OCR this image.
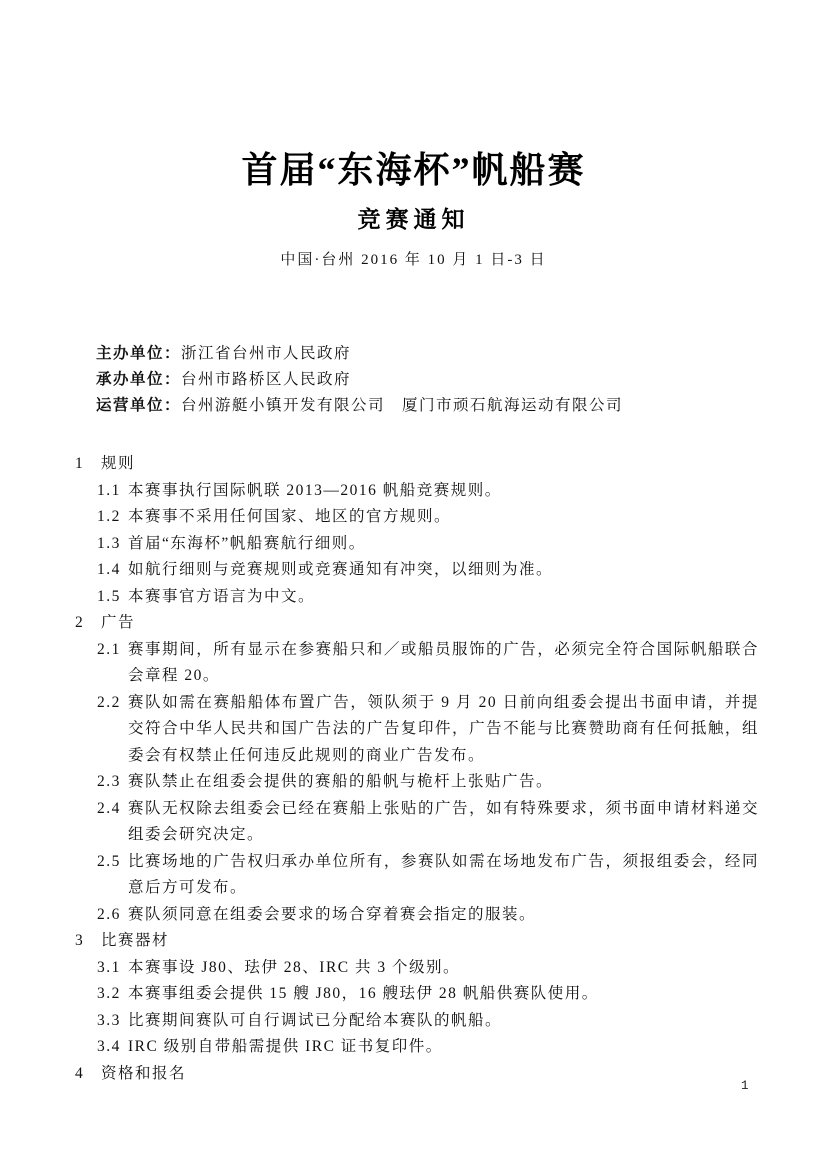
首届“东海杯”帆船赛
竞赛通知
中国·台州 2016 年 10 月 1 日-3 日
主办单位：浙江省台州市人民政府
承办单位：台州市路桥区人民政府
运营单位：台州游艇小镇开发有限公司　厦门市顽石航海运动有限公司
1	规则
1.1 本赛事执行国际帆联 2013—2016 帆船竞赛规则。
1.2 本赛事不采用任何国家、地区的官方规则。
1.3 首届“东海杯”帆船赛航行细则。
1.4 如航行细则与竞赛规则或竞赛通知有冲突，以细则为准。
1.5 本赛事官方语言为中文。
2	广告
2.1 赛事期间，所有显示在参赛船只和／或船员服饰的广告，必须完全符合国际帆船联合会章程 20。
2.2 赛队如需在赛船船体布置广告，领队须于 9 月 20 日前向组委会提出书面申请，并提交符合中华人民共和国广告法的广告复印件，广告不能与比赛赞助商有任何抵触，组委会有权禁止任何违反此规则的商业广告发布。
2.3 赛队禁止在组委会提供的赛船的船帆与桅杆上张贴广告。
2.4 赛队无权除去组委会已经在赛船上张贴的广告，如有特殊要求，须书面申请材料递交组委会研究决定。
2.5 比赛场地的广告权归承办单位所有，参赛队如需在场地发布广告，须报组委会，经同意后方可发布。
2.6 赛队须同意在组委会要求的场合穿着赛会指定的服装。
3	比赛器材
3.1 本赛事设 J80、珐伊 28、IRC 共 3 个级别。
3.2 本赛事组委会提供 15 艘 J80，16 艘珐伊 28 帆船供赛队使用。
3.3 比赛期间赛队可自行调试已分配给本赛队的帆船。
3.4 IRC 级别自带船需提供 IRC 证书复印件。
4	资格和报名
1
